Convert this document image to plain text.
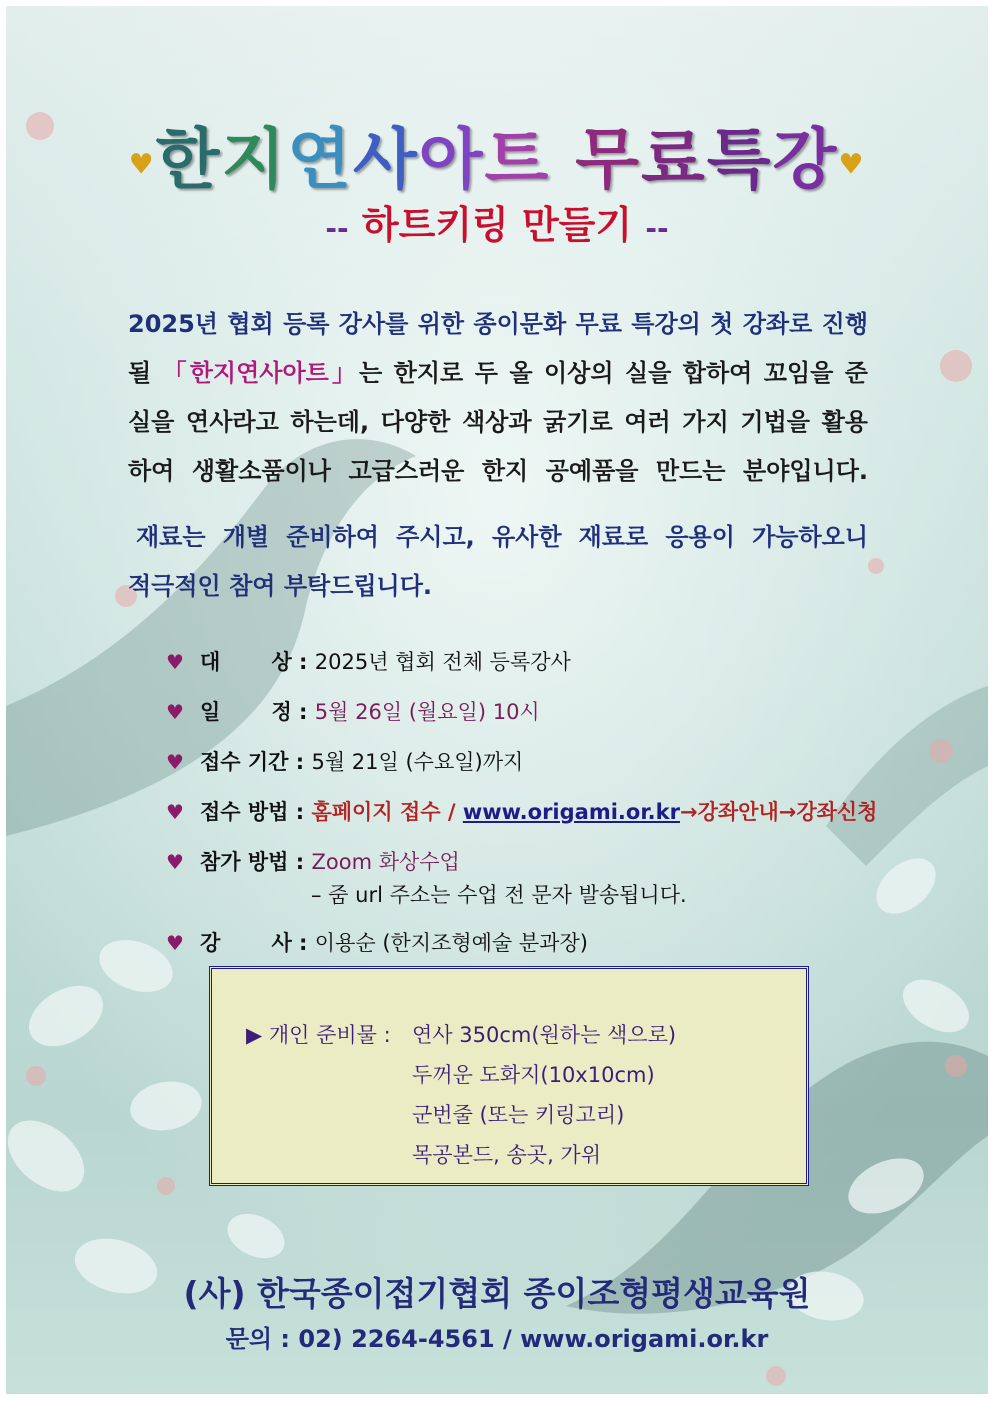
♥한지연사아트 무료특강♥
-- 하트키링 만들기 --
2025년 협회 등록 강사를 위한 종이문화 무료 특강의 첫 강좌로 진행
될 「한지연사아트」는 한지로 두 올 이상의 실을 합하여 꼬임을 준
실을 연사라고 하는데, 다양한 색상과 굵기로 여러 가지 기법을 활용
하여 생활소품이나 고급스러운 한지 공예품을 만드는 분야입니다.
재료는 개별 준비하여 주시고, 유사한 재료로 응용이 가능하오니
적극적인 참여 부탁드립니다.
♥ 대       상 : 2025년 협회 전체 등록강사
♥ 일       정 : 5월 26일 (월요일) 10시
♥ 접수 기간 : 5월 21일 (수요일)까지
♥ 접수 방법 : 홈페이지 접수 / www.origami.or.kr→강좌안내→강좌신청
♥ 참가 방법 : Zoom 화상수업
– 줌 url 주소는 수업 전 문자 발송됩니다.
♥ 강       사 : 이용순 (한지조형예술 분과장)
▶ 개인 준비물 : 연사 350cm(원하는 색으로)
두꺼운 도화지(10x10cm)
군번줄 (또는 키링고리)
목공본드, 송곳, 가위
(사) 한국종이접기협회 종이조형평생교육원
문의 : 02) 2264-4561 / www.origami.or.kr
